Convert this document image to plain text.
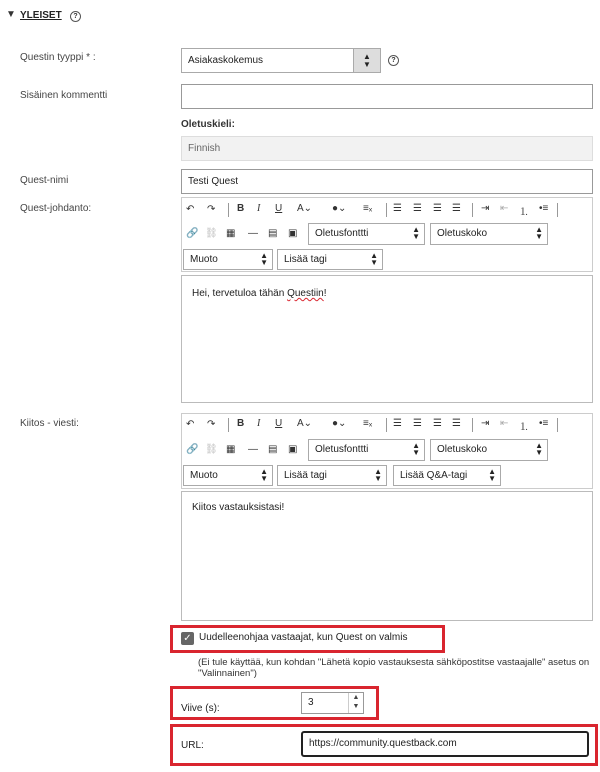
▼ YLEISET	?
Questin tyyppi * :	Asiakaskokemus	▲
▼	?
Sisäinen kommentti
Oletuskieli:
Finnish
Quest-nimi	Testi Quest
Quest-johdanto:	↶ ↷ B I U A⌄ ●⌄ ≡ₓ ☰ ☰ ☰ ☰ ⇥ ⇤ ⒈ •≡
🔗 ⛓ ▦ — ▤ ▣	Oletusfonttti	▲
▼	Oletuskoko	▲
▼
Muoto	▲
▼	Lisää tagi	▲
▼
Hei, tervetuloa tähän Questiin!
Kiitos - viesti:	↶ ↷ B I U A⌄ ●⌄ ≡ₓ ☰ ☰ ☰ ☰ ⇥ ⇤ ⒈ •≡
🔗 ⛓ ▦ — ▤ ▣	Oletusfonttti	▲
▼	Oletuskoko	▲
▼
Muoto	▲
▼	Lisää tagi	▲
▼	Lisää Q&A-tagi	▲
▼
Kiitos vastauksistasi!
✓ Uudelleenohjaa vastaajat, kun Quest on valmis
(Ei tule käyttää, kun kohdan "Lähetä kopio vastauksesta sähköpostitse vastaajalle" asetus on "Valinnainen")
Viive (s):
3	▲
▼
URL:	https://community.questback.com
